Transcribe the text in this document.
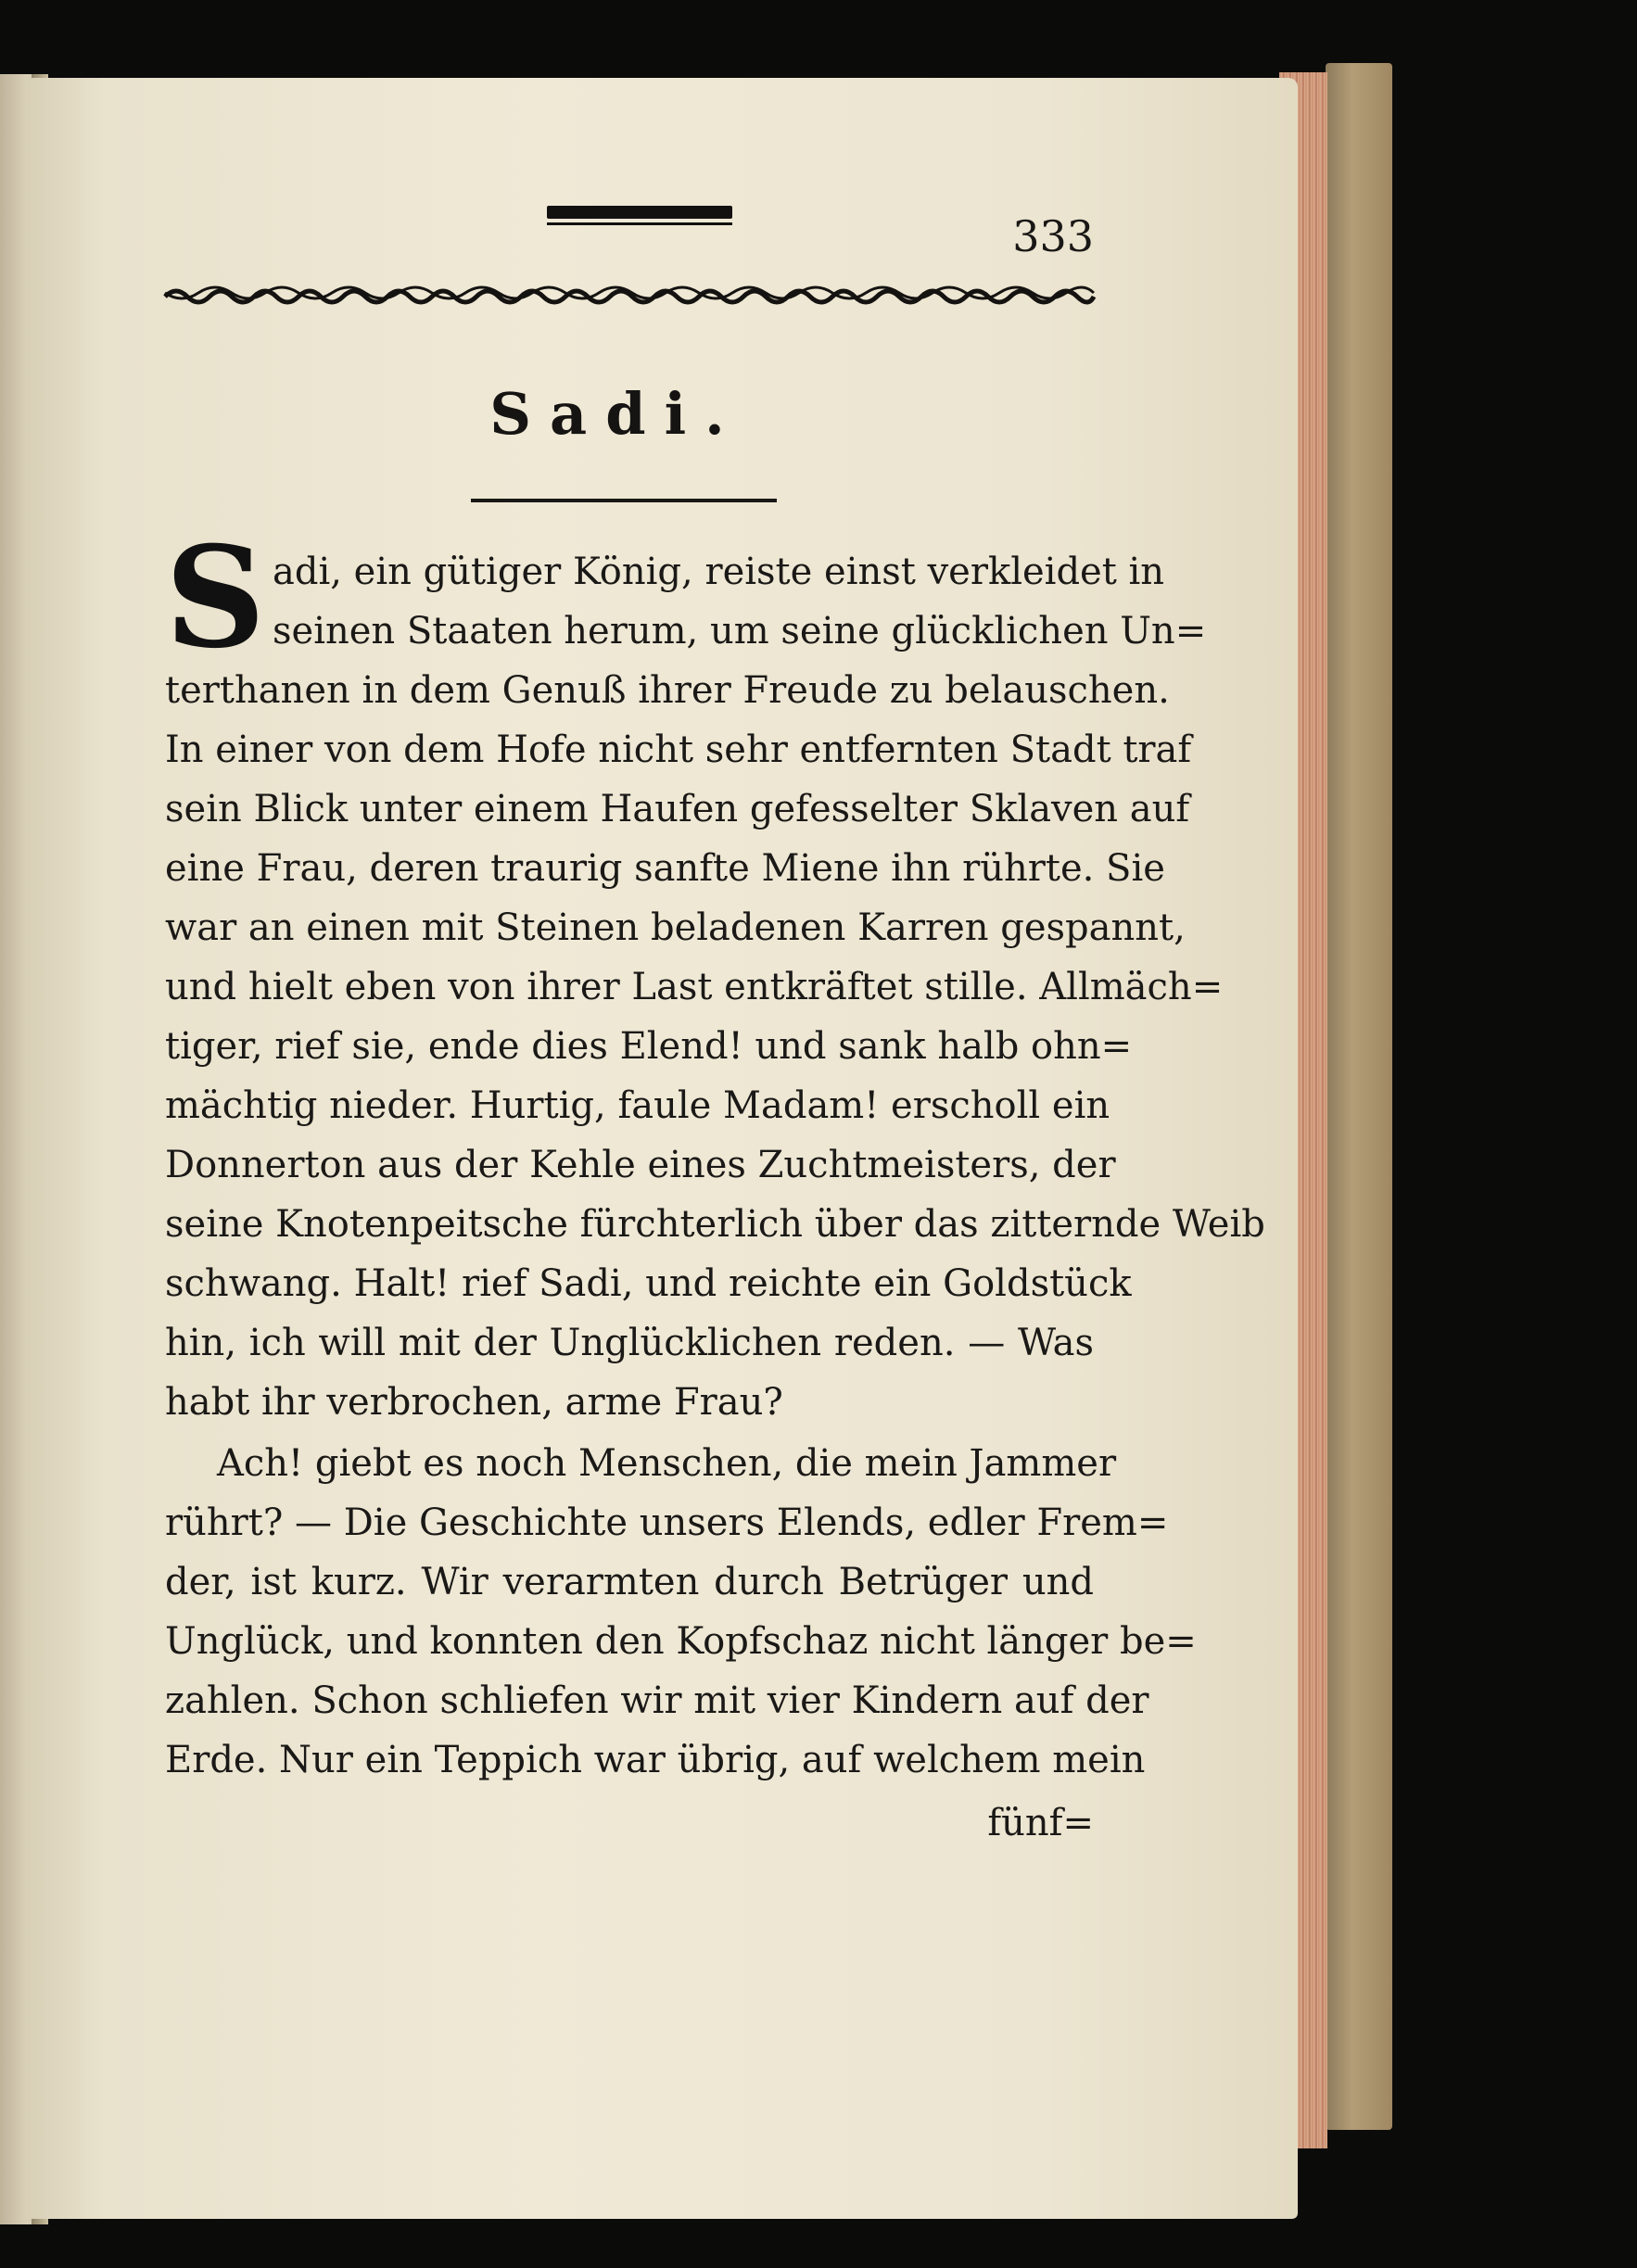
333
Sadi.
S adi, ein gütiger König, reiste einst verkleidet in
seinen Staaten herum, um seine glücklichen Un=
terthanen in dem Genuß ihrer Freude zu belauschen.
In einer von dem Hofe nicht sehr entfernten Stadt traf
sein Blick unter einem Haufen gefesselter Sklaven auf
eine Frau, deren traurig sanfte Miene ihn rührte. Sie
war an einen mit Steinen beladenen Karren gespannt,
und hielt eben von ihrer Last entkräftet stille. Allmäch=
tiger, rief sie, ende dies Elend! und sank halb ohn=
mächtig nieder. Hurtig, faule Madam! erscholl ein
Donnerton aus der Kehle eines Zuchtmeisters, der
seine Knotenpeitsche fürchterlich über das zitternde Weib
schwang. Halt! rief Sadi, und reichte ein Goldstück
hin, ich will mit der Unglücklichen reden. — Was
habt ihr verbrochen, arme Frau?
Ach! giebt es noch Menschen, die mein Jammer
rührt? — Die Geschichte unsers Elends, edler Frem=
der, ist kurz. Wir verarmten durch Betrüger und
Unglück, und konnten den Kopfschaz nicht länger be=
zahlen. Schon schliefen wir mit vier Kindern auf der
Erde. Nur ein Teppich war übrig, auf welchem mein
fünf=
